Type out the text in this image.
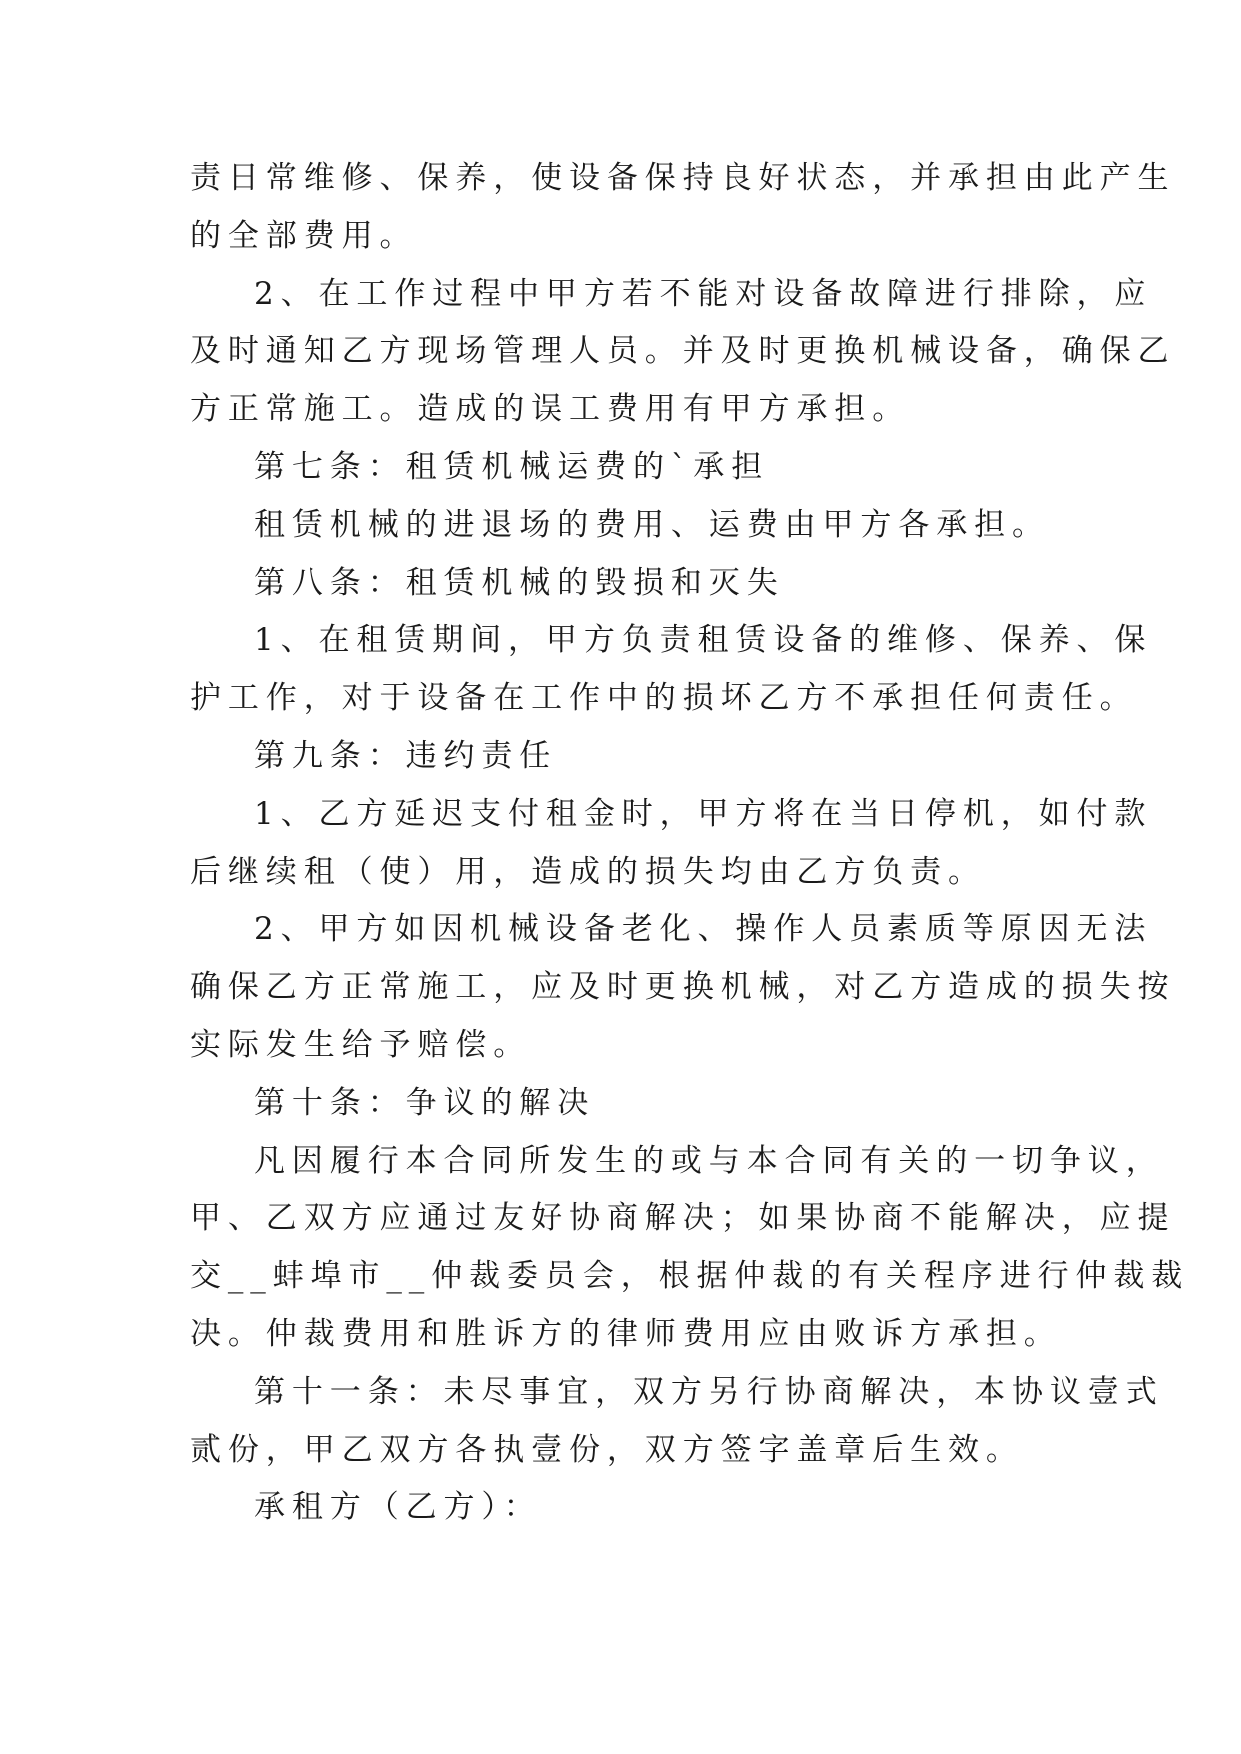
责日常维修、保养，使设备保持良好状态，并承担由此产生
的全部费用。
2、在工作过程中甲方若不能对设备故障进行排除，应
及时通知乙方现场管理人员。并及时更换机械设备，确保乙
方正常施工。造成的误工费用有甲方承担。
第七条：租赁机械运费的`承担
租赁机械的进退场的费用、运费由甲方各承担。
第八条：租赁机械的毁损和灭失
1、在租赁期间，甲方负责租赁设备的维修、保养、保
护工作，对于设备在工作中的损坏乙方不承担任何责任。
第九条：违约责任
1、乙方延迟支付租金时，甲方将在当日停机，如付款
后继续租（使）用，造成的损失均由乙方负责。
2、甲方如因机械设备老化、操作人员素质等原因无法
确保乙方正常施工，应及时更换机械，对乙方造成的损失按
实际发生给予赔偿。
第十条：争议的解决
凡因履行本合同所发生的或与本合同有关的一切争议，
甲、乙双方应通过友好协商解决；如果协商不能解决，应提
交__蚌埠市__仲裁委员会，根据仲裁的有关程序进行仲裁裁
决。仲裁费用和胜诉方的律师费用应由败诉方承担。
第十一条：未尽事宜，双方另行协商解决，本协议壹式
贰份，甲乙双方各执壹份，双方签字盖章后生效。
承租方（乙方）：
